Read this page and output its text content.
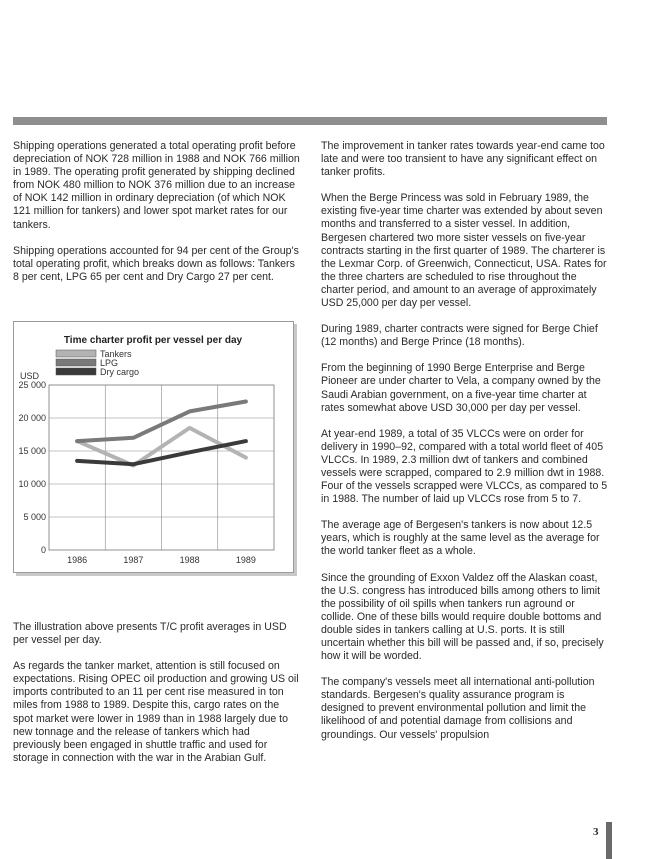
Shipping operations generated a total operating profit before depreciation of NOK 728 million in 1988 and NOK 766 million in 1989. The operating profit generated by shipping declined from NOK 480 million to NOK 376 million due to an increase of NOK 142 million in ordinary depreciation (of which NOK 121 million for tankers) and lower spot market rates for our tankers.

Shipping operations accounted for 94 per cent of the Group's total operating profit, which breaks down as follows: Tankers 8 per cent, LPG 65 per cent and Dry Cargo 27 per cent.

Time charter profit per vessel per day
Tankers
LPG
Dry cargo
USD
0
5 000
10 000
15 000
20 000
25 000
1986	1987	1988	1989

The illustration above presents T/C profit averages in USD per vessel per day.

As regards the tanker market, attention is still focused on expectations. Rising OPEC oil production and growing US oil imports contributed to an 11 per cent rise measured in ton miles from 1988 to 1989. Despite this, cargo rates on the spot market were lower in 1989 than in 1988 largely due to new tonnage and the release of tankers which had previously been engaged in shuttle traffic and used for storage in connection with the war in the Arabian Gulf.

The improvement in tanker rates towards year-end came too late and were too transient to have any significant effect on tanker profits.

When the Berge Princess was sold in February 1989, the existing five-year time charter was extended by about seven months and transferred to a sister vessel. In addition, Bergesen chartered two more sister vessels on five-year contracts starting in the first quarter of 1989. The charterer is the Lexmar Corp. of Greenwich, Connecticut, USA. Rates for the three charters are scheduled to rise throughout the charter period, and amount to an average of approximately USD 25,000 per day per vessel.

During 1989, charter contracts were signed for Berge Chief (12 months) and Berge Prince (18 months).

From the beginning of 1990 Berge Enterprise and Berge Pioneer are under charter to Vela, a company owned by the Saudi Arabian government, on a five-year time charter at rates somewhat above USD 30,000 per day per vessel.

At year-end 1989, a total of 35 VLCCs were on order for delivery in 1990–92, compared with a total world fleet of 405 VLCCs. In 1989, 2.3 million dwt of tankers and combined vessels were scrapped, compared to 2.9 million dwt in 1988. Four of the vessels scrapped were VLCCs, as compared to 5 in 1988. The number of laid up VLCCs rose from 5 to 7.

The average age of Bergesen's tankers is now about 12.5 years, which is roughly at the same level as the average for the world tanker fleet as a whole.

Since the grounding of Exxon Valdez off the Alaskan coast, the U.S. congress has introduced bills among others to limit the possibility of oil spills when tankers run aground or collide. One of these bills would require double bottoms and double sides in tankers calling at U.S. ports. It is still uncertain whether this bill will be passed and, if so, precisely how it will be worded.

The company's vessels meet all international anti-pollution standards. Bergesen's quality assurance program is designed to prevent environmental pollution and limit the likelihood of and potential damage from collisions and groundings. Our vessels' propulsion

3
